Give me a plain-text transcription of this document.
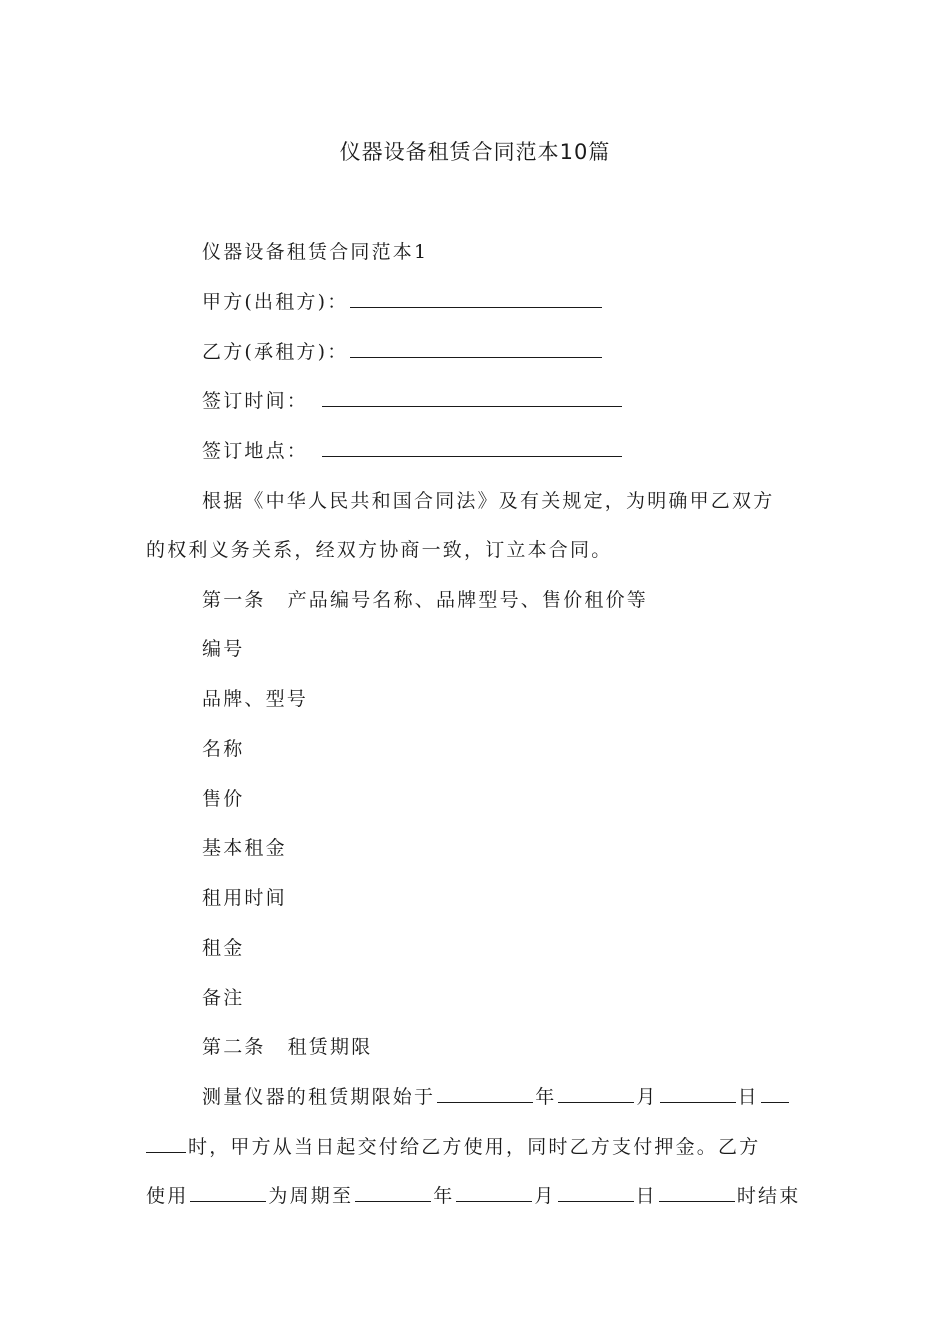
仪器设备租赁合同范本10篇
仪器设备租赁合同范本1
甲方(出租方)：
乙方(承租方)：
签订时间：
签订地点：
根据《中华人民共和国合同法》及有关规定，为明确甲乙双方
的权利义务关系，经双方协商一致，订立本合同。
第一条 产品编号名称、品牌型号、售价租价等
编号
品牌、型号
名称
售价
基本租金
租用时间
租金
备注
第二条 租赁期限
测量仪器的租赁期限始于	年	月	日
时，甲方从当日起交付给乙方使用，同时乙方支付押金。乙方
使用	为周期至	年	月	日	时结束
